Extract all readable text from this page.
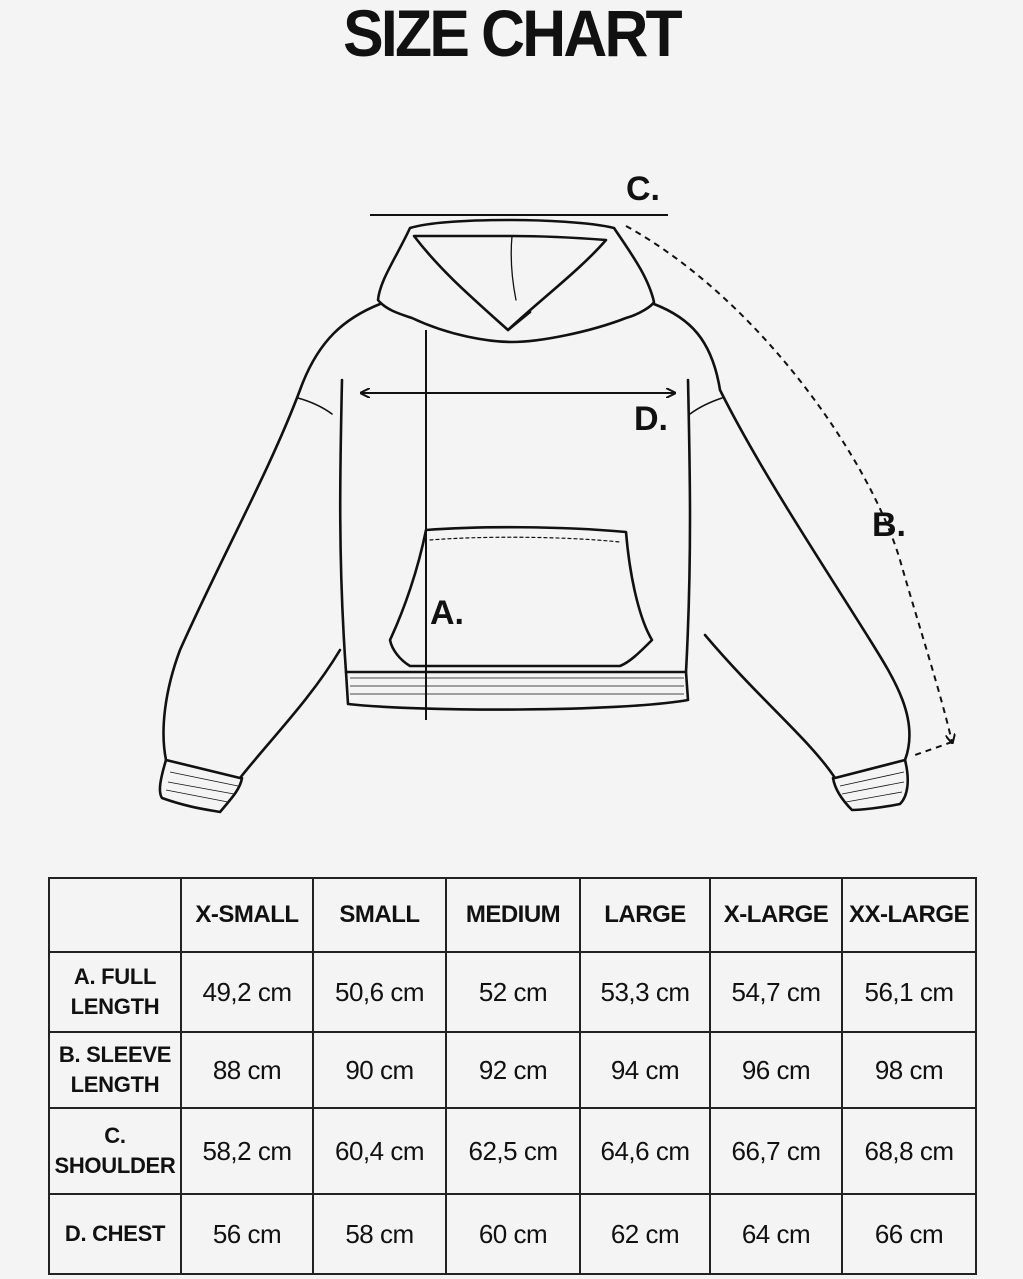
SIZE CHART
C.
D.
B.
A.
	X-SMALL	SMALL	MEDIUM	LARGE	X-LARGE	XX-LARGE

A. FULL
LENGTH	49,2 cm	50,6 cm	52 cm	53,3 cm	54,7 cm	56,1 cm

B. SLEEVE
LENGTH	88 cm	90 cm	92 cm	94 cm	96 cm	98 cm

C.
SHOULDER	58,2 cm	60,4 cm	62,5 cm	64,6 cm	66,7 cm	68,8 cm

D. CHEST	56 cm	58 cm	60 cm	62 cm	64 cm	66 cm
